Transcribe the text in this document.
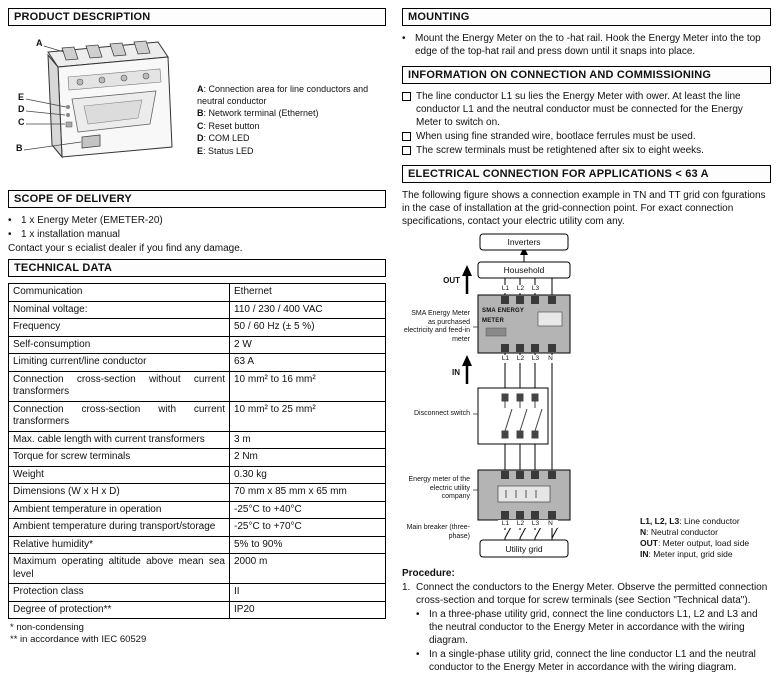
PRODUCT DESCRIPTION
A
E
D
C
B
A: Connection area for line conductors and neutral conductor
B: Network terminal (Ethernet)
C: Reset button
D: COM LED
E: Status LED
SCOPE OF DELIVERY
•
1 x Energy Meter (EMETER-20)
•
1 x installation manual
Contact your s ecialist dealer if you find any damage.
TECHNICAL DATA
Communication	Ethernet
Nominal voltage:	110 / 230 / 400 VAC
Frequency	50 / 60 Hz (± 5 %)
Self-consumption	2 W
Limiting current/line conductor	63 A
Connection cross-section without current transformers	10 mm² to 16 mm²
Connection cross-section with current transformers	10 mm² to 25 mm²
Max. cable length with current transformers	3 m
Torque for screw terminals	2 Nm
Weight	0.30 kg
Dimensions (W x H x D)	70 mm x 85 mm x 65 mm
Ambient temperature in operation	-25°C to +40°C
Ambient temperature during transport/storage	-25°C to +70°C
Relative humidity*	5% to 90%
Maximum operating altitude above mean sea level	2000 m
Protection class	II
Degree of protection**	IP20
* non-condensing
** in accordance with IEC 60529
MOUNTING
•
Mount the Energy Meter on the to -hat rail. Hook the Energy Meter into the top edge of the top-hat rail and press down until it snaps into place.
INFORMATION ON CONNECTION AND COMMISSIONING
The line conductor L1 su lies the Energy Meter with ower. At least the line conductor L1 and the neutral conductor must be connected for the Energy Meter to switch on.
When using fine stranded wire, bootlace ferrules must be used.
The screw terminals must be retightened after six to eight weeks.
ELECTRICAL CONNECTION FOR APPLICATIONS < 63 A
The following figure shows a connection example in TN and TT grid con fgurations in the case of installation at the grid-connection point. For exact connection specifications, contact your electric utility com any.
Inverters
Household
Utility grid
OUT
IN
L1	L2	L3
L1	L2	L3	N
L1	L2	L3	N
SMA ENERGY METER
SMA Energy Meter as purchased electricity and feed-in meter
Disconnect switch
Energy meter of the electric utility company
Main breaker (three-phase)
L1, L2, L3: Line conductor
N: Neutral conductor
OUT: Meter output, load side
IN: Meter input, grid side
Procedure:
1. Connect the conductors to the Energy Meter. Observe the permitted connection cross-section and torque for screw terminals (see Section "Technical data").
•
In a three-phase utility grid, connect the line conductors L1, L2 and L3 and the neutral conductor to the Energy Meter in accordance with the wiring diagram.
•
In a single-phase utility grid, connect the line conductor L1 and the neutral conductor to the Energy Meter in accordance with the wiring diagram.
